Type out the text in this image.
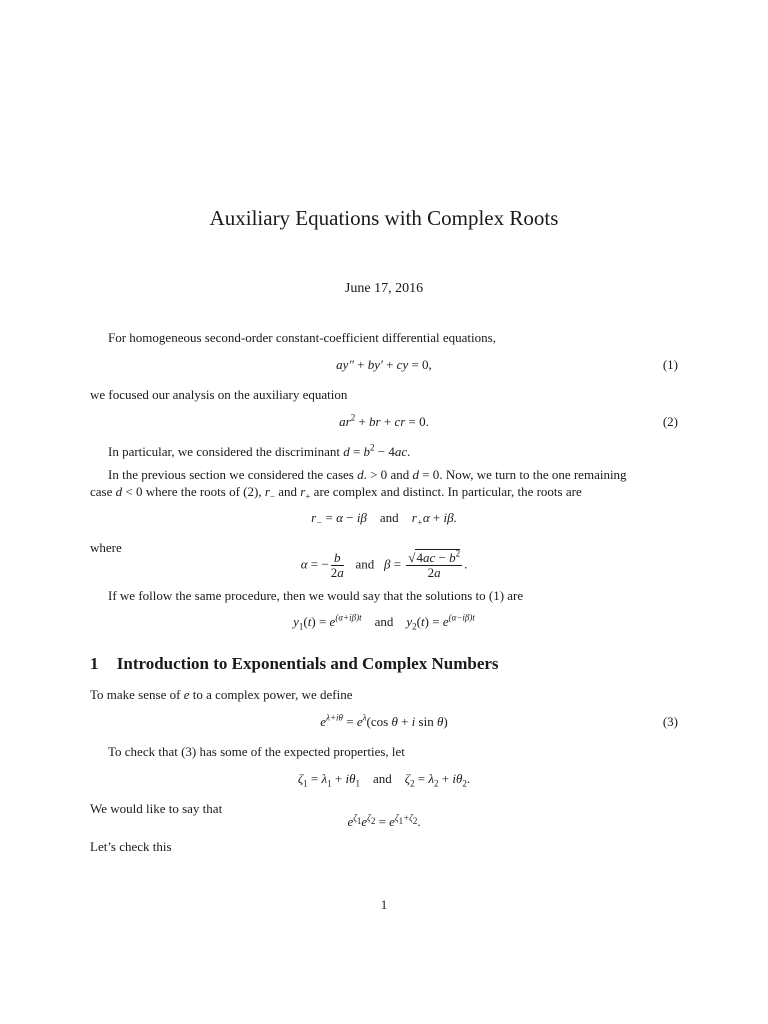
Auxiliary Equations with Complex Roots
June 17, 2016
For homogeneous second-order constant-coefficient differential equations,
ay″ + by′ + cy = 0,	(1)
we focused our analysis on the auxiliary equation
$ar^2$ + br + cr = 0.	(2)
In particular, we considered the discriminant $d = b^2 - 4ac$.
In the previous section we considered the cases d. > 0 and d = 0. Now, we turn to the one remaining
case d < 0 where the roots of (2), $r_-$ and $r_+$ are complex and distinct. In particular, the roots are
$r_- = \alpha - i\beta$    and    $r_+\alpha + i\beta$.
where
α = − $\frac{b}{2a}$ and   $\beta = \frac{√4ac - b^2}{2a}$ .
If we follow the same procedure, then we would say that the solutions to (1) are
$y_1(t) = e^{(\alpha+i\beta)t}$ and    $y_2(t) = e^{(\alpha-i\beta)t}$
1 Introduction to Exponentials and Complex Numbers
To make sense of e to a complex power, we define
$e^{\lambda+i\theta} = e^\lambda(\cos$ θ + i sin θ)	(3)
To check that (3) has some of the expected properties, let
$\zeta_1 = \lambda_1 + i\theta_1$ and    $\zeta_2 = \lambda_2 + i\theta_2$.
We would like to say that
$e^{\zeta_1}e^{\zeta_2} = e^{\zeta_1+\zeta_2}$.
Let’s check this
1
